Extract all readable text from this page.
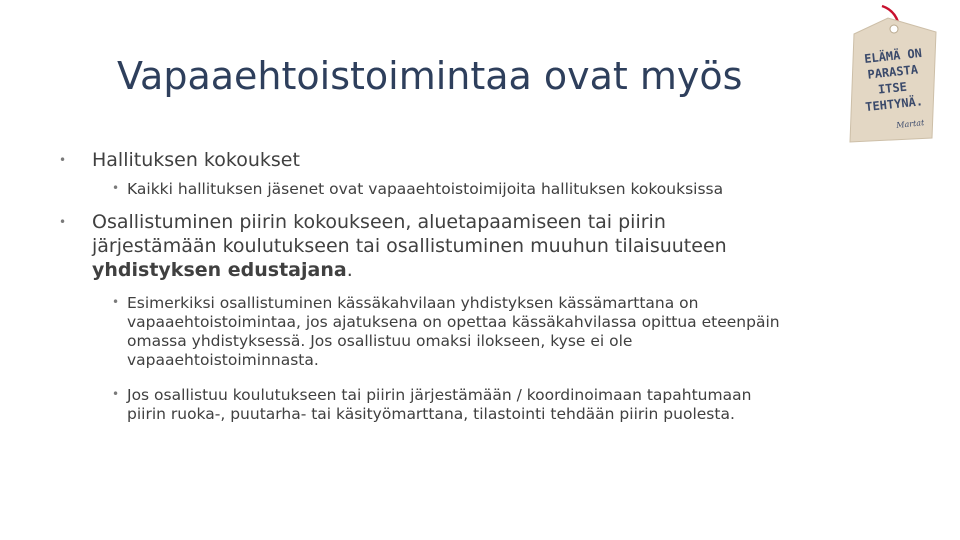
Vapaaehtoistoimintaa ovat myös	ELÄMÄ ON
PARASTA
ITSE
TEHTYNÄ.
Martat
• Hallituksen kokoukset
• Kaikki hallituksen jäsenet ovat vapaaehtoistoimijoita hallituksen kokouksissa
• Osallistuminen piirin kokoukseen, aluetapaamiseen tai piirin
järjestämään koulutukseen tai osallistuminen muuhun tilaisuuteen
yhdistyksen edustajana.
• Esimerkiksi osallistuminen kässäkahvilaan yhdistyksen kässämarttana on
vapaaehtoistoimintaa, jos ajatuksena on opettaa kässäkahvilassa opittua eteenpäin
omassa yhdistyksessä. Jos osallistuu omaksi ilokseen, kyse ei ole
vapaaehtoistoiminnasta.
• Jos osallistuu koulutukseen tai piirin järjestämään / koordinoimaan tapahtumaan
piirin ruoka-, puutarha- tai käsityömarttana, tilastointi tehdään piirin puolesta.
